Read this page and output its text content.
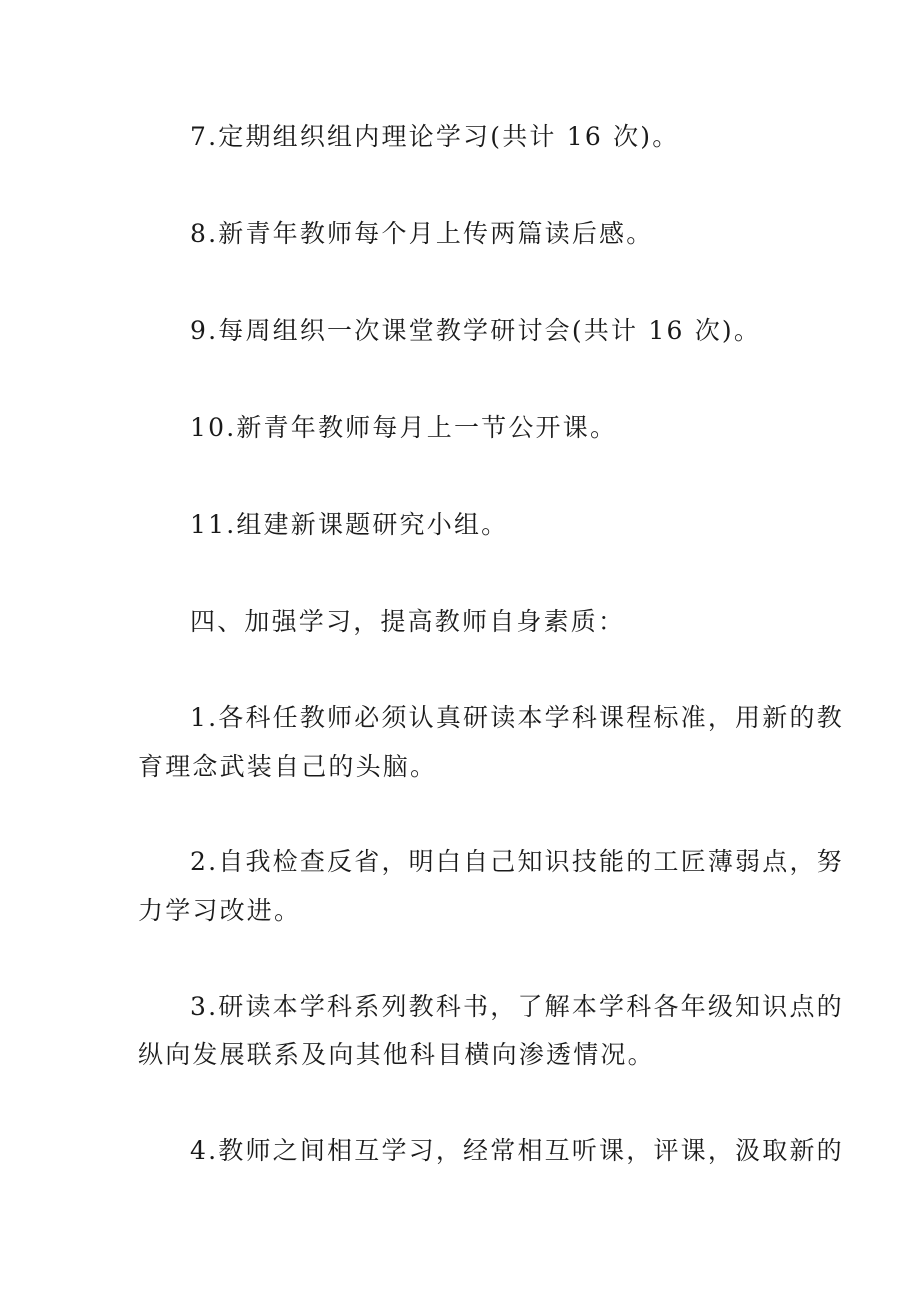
7.定期组织组内理论学习(共计 16 次)。
8.新青年教师每个月上传两篇读后感。
9.每周组织一次课堂教学研讨会(共计 16 次)。
10.新青年教师每月上一节公开课。
11.组建新课题研究小组。
四、加强学习，提高教师自身素质：
1.各科任教师必须认真研读本学科课程标准，用新的教
育理念武装自己的头脑。
2.自我检查反省，明白自己知识技能的工匠薄弱点，努
力学习改进。
3.研读本学科系列教科书，了解本学科各年级知识点的
纵向发展联系及向其他科目横向渗透情况。
4.教师之间相互学习，经常相互听课，评课，汲取新的
